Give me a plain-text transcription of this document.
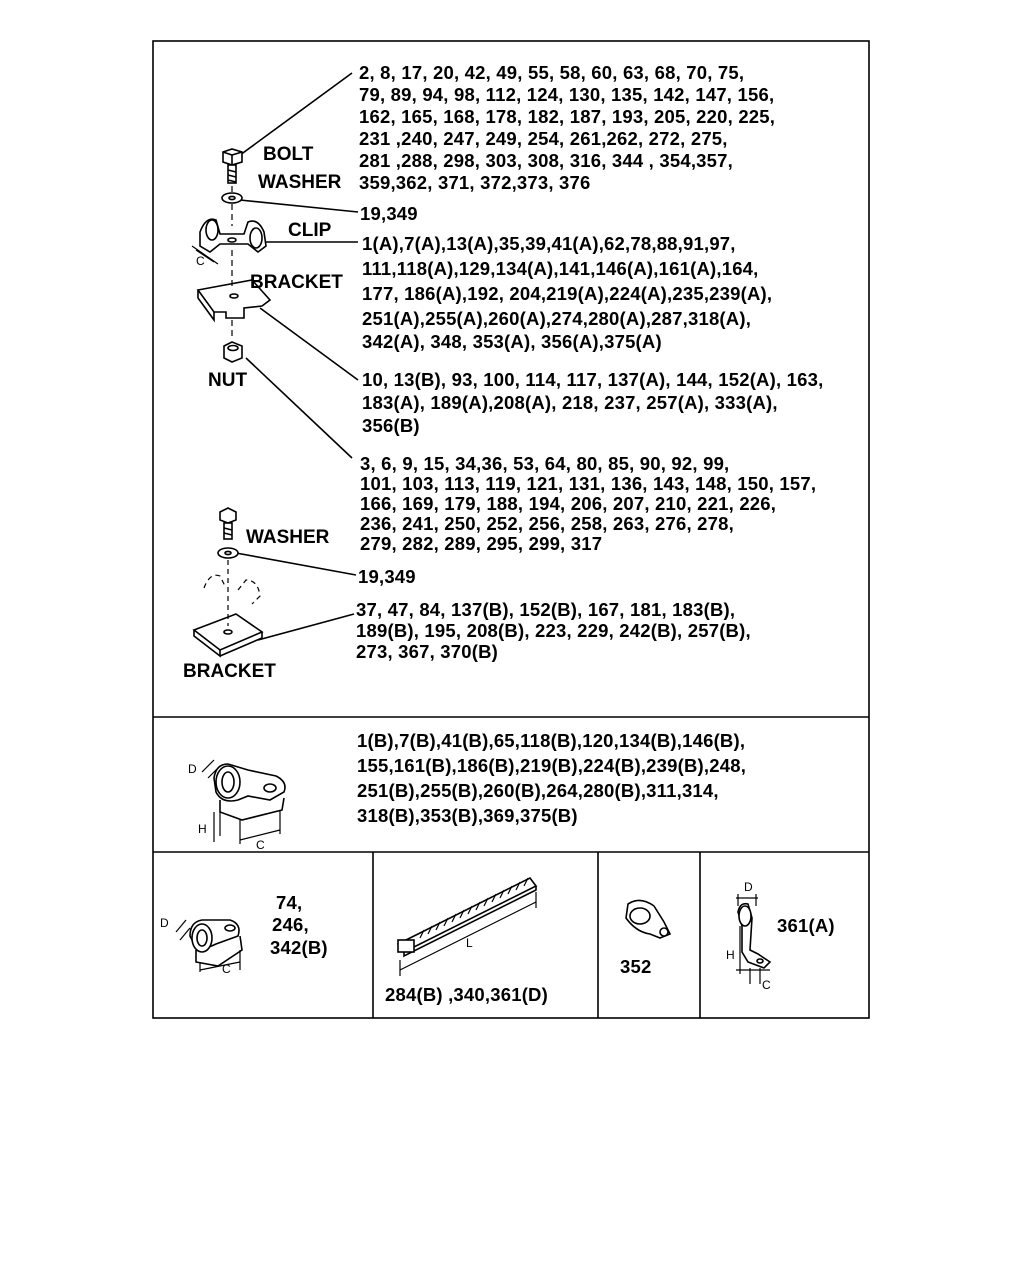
BOLT
WASHER
CLIP
BRACKET
NUT
WASHER
BRACKET
C
D
H
C
D
C
L
D
H
C
2, 8, 17, 20, 42, 49, 55, 58, 60, 63, 68, 70, 75,
79, 89, 94, 98, 112, 124, 130, 135, 142, 147, 156,
162, 165, 168, 178, 182, 187, 193, 205, 220, 225,
231 ,240, 247, 249, 254, 261,262, 272, 275,
281 ,288, 298, 303, 308, 316, 344 , 354,357,
359,362, 371, 372,373, 376
19,349
1(A),7(A),13(A),35,39,41(A),62,78,88,91,97,
111,118(A),129,134(A),141,146(A),161(A),164,
177, 186(A),192, 204,219(A),224(A),235,239(A),
251(A),255(A),260(A),274,280(A),287,318(A),
342(A), 348, 353(A), 356(A),375(A)
10, 13(B), 93, 100, 114, 117, 137(A), 144, 152(A), 163,
183(A), 189(A),208(A), 218, 237, 257(A), 333(A),
356(B)
3, 6, 9, 15, 34,36, 53, 64, 80, 85, 90, 92, 99,
101, 103, 113, 119, 121, 131, 136, 143, 148, 150, 157,
166, 169, 179, 188, 194, 206, 207, 210, 221, 226,
236, 241, 250, 252, 256, 258, 263, 276, 278,
279, 282, 289, 295, 299, 317
19,349
37, 47, 84, 137(B), 152(B), 167, 181, 183(B),
189(B), 195, 208(B), 223, 229, 242(B), 257(B),
273, 367, 370(B)
1(B),7(B),41(B),65,118(B),120,134(B),146(B),
155,161(B),186(B),219(B),224(B),239(B),248,
251(B),255(B),260(B),264,280(B),311,314,
318(B),353(B),369,375(B)
74,
246,
342(B)
284(B) ,340,361(D)
352
361(A)
